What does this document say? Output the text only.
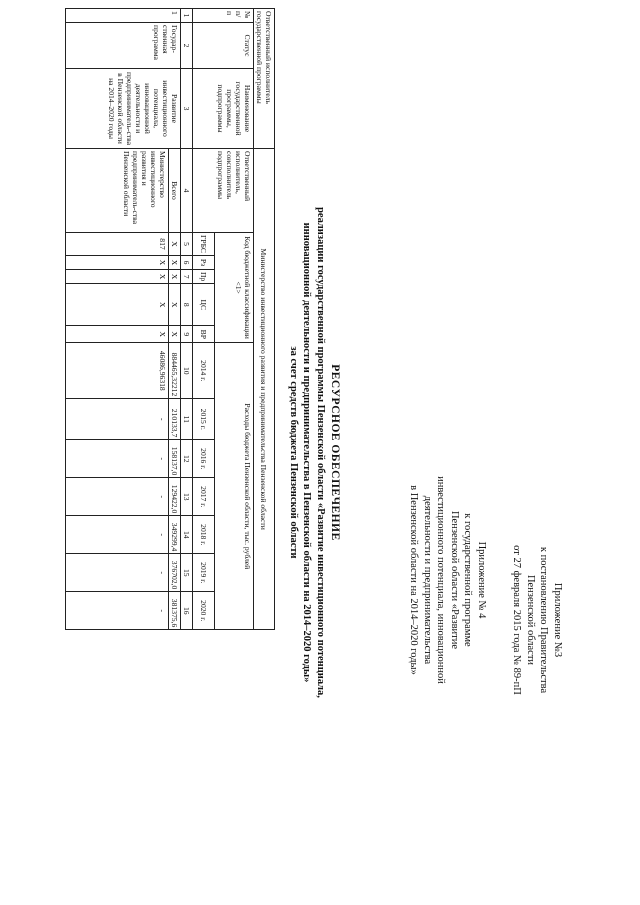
Приложение №3
к постановлению Правительства
Пензенской области
от 27 февраля 2015 года № 89-пП
Приложение № 4
к государственной программе
Пензенской области «Развитие
инвестиционного потенциала, инновационной
деятельности и предпринимательства
в Пензенской области на 2014–2020 годы»
РЕСУРСНОЕ ОБЕСПЕЧЕНИЕ
реализации государственной программы Пензенской области «Развитие инвестиционного потенциала,
инновационной деятельности и предпринимательства в Пензенской области на 2014–2020 годы»
за счет средств бюджета Пензенской области
Ответственный исполнитель государственной программы			Министерство инвестиционного развития и предпринимательства Пензенской области												
№ п/п	Статус	Наименование государственной программы, подпрограммы	Ответственный исполнитель, соисполнитель подпрограммы	Код бюджетной классификации <1>					Расходы бюджета Пензенской области, тыс. рублей						
				ГРБС	Рз	Пр	ЦС	ВР	2014 г.	2015 г.	2016 г.	2017 г.	2018 г.	2019 г.	2020 г.
1	2	3	4	5	6	7	8	9	10	11	12	13	14	15	16
1	Государ-ственная программа	Развитие инвестиционного потенциала, инновационной деятельности и предприниматель-ства в Пензенской области на 2014–2020 годы	Всего	Х	Х	Х	Х	Х	884465,32212	210133,7	158137,0	129422,0	349299,4	376702,0	381375,6
			Министерство инвестиционного развития и предприниматель-ства Пензенской области	817	Х	Х	Х	Х	46086,96318	-	-	-	-	-	-
